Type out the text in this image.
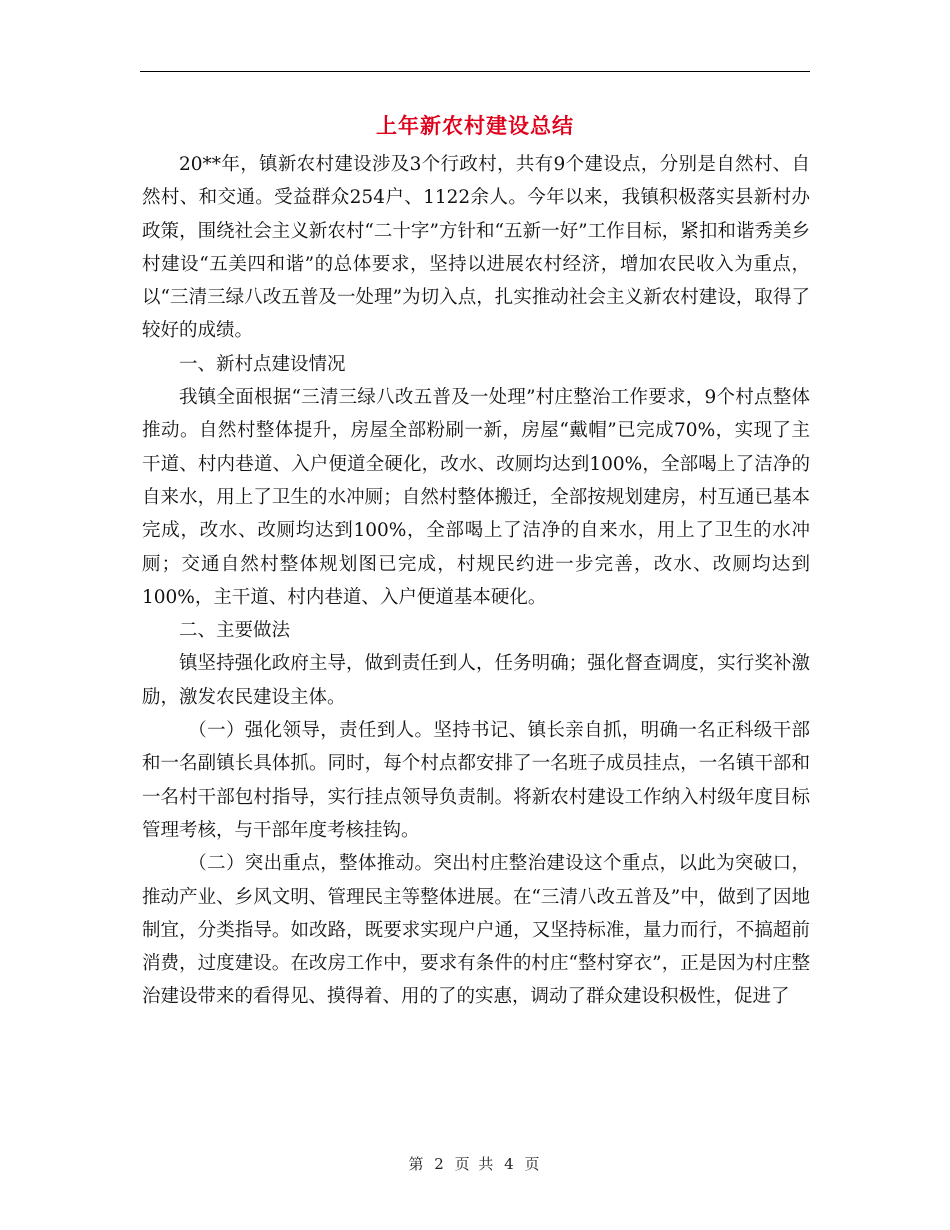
上年新农村建设总结

20**年，镇新农村建设涉及3个行政村，共有9个建设点，分别是自然村、自然村、和交通。受益群众254户、1122余人。今年以来，我镇积极落实县新村办政策，围绕社会主义新农村“二十字”方针和“五新一好”工作目标，紧扣和谐秀美乡村建设“五美四和谐”的总体要求，坚持以进展农村经济，增加农民收入为重点，以“三清三绿八改五普及一处理”为切入点，扎实推动社会主义新农村建设，取得了较好的成绩。

一、新村点建设情况

我镇全面根据“三清三绿八改五普及一处理”村庄整治工作要求，9个村点整体推动。自然村整体提升，房屋全部粉刷一新，房屋“戴帽”已完成70%，实现了主干道、村内巷道、入户便道全硬化，改水、改厕均达到100%，全部喝上了洁净的自来水，用上了卫生的水冲厕；自然村整体搬迁，全部按规划建房，村互通已基本完成，改水、改厕均达到100%，全部喝上了洁净的自来水，用上了卫生的水冲厕；交通自然村整体规划图已完成，村规民约进一步完善，改水、改厕均达到100%，主干道、村内巷道、入户便道基本硬化。

二、主要做法

镇坚持强化政府主导，做到责任到人，任务明确；强化督查调度，实行奖补激励，激发农民建设主体。

（一）强化领导，责任到人。坚持书记、镇长亲自抓，明确一名正科级干部和一名副镇长具体抓。同时，每个村点都安排了一名班子成员挂点，一名镇干部和一名村干部包村指导，实行挂点领导负责制。将新农村建设工作纳入村级年度目标管理考核，与干部年度考核挂钩。

（二）突出重点，整体推动。突出村庄整治建设这个重点，以此为突破口，推动产业、乡风文明、管理民主等整体进展。在“三清八改五普及”中，做到了因地制宜，分类指导。如改路，既要求实现户户通，又坚持标准，量力而行，不搞超前消费，过度建设。在改房工作中，要求有条件的村庄“整村穿衣”，正是因为村庄整治建设带来的看得见、摸得着、用的了的实惠，调动了群众建设积极性，促进了

第 2 页 共 4 页
